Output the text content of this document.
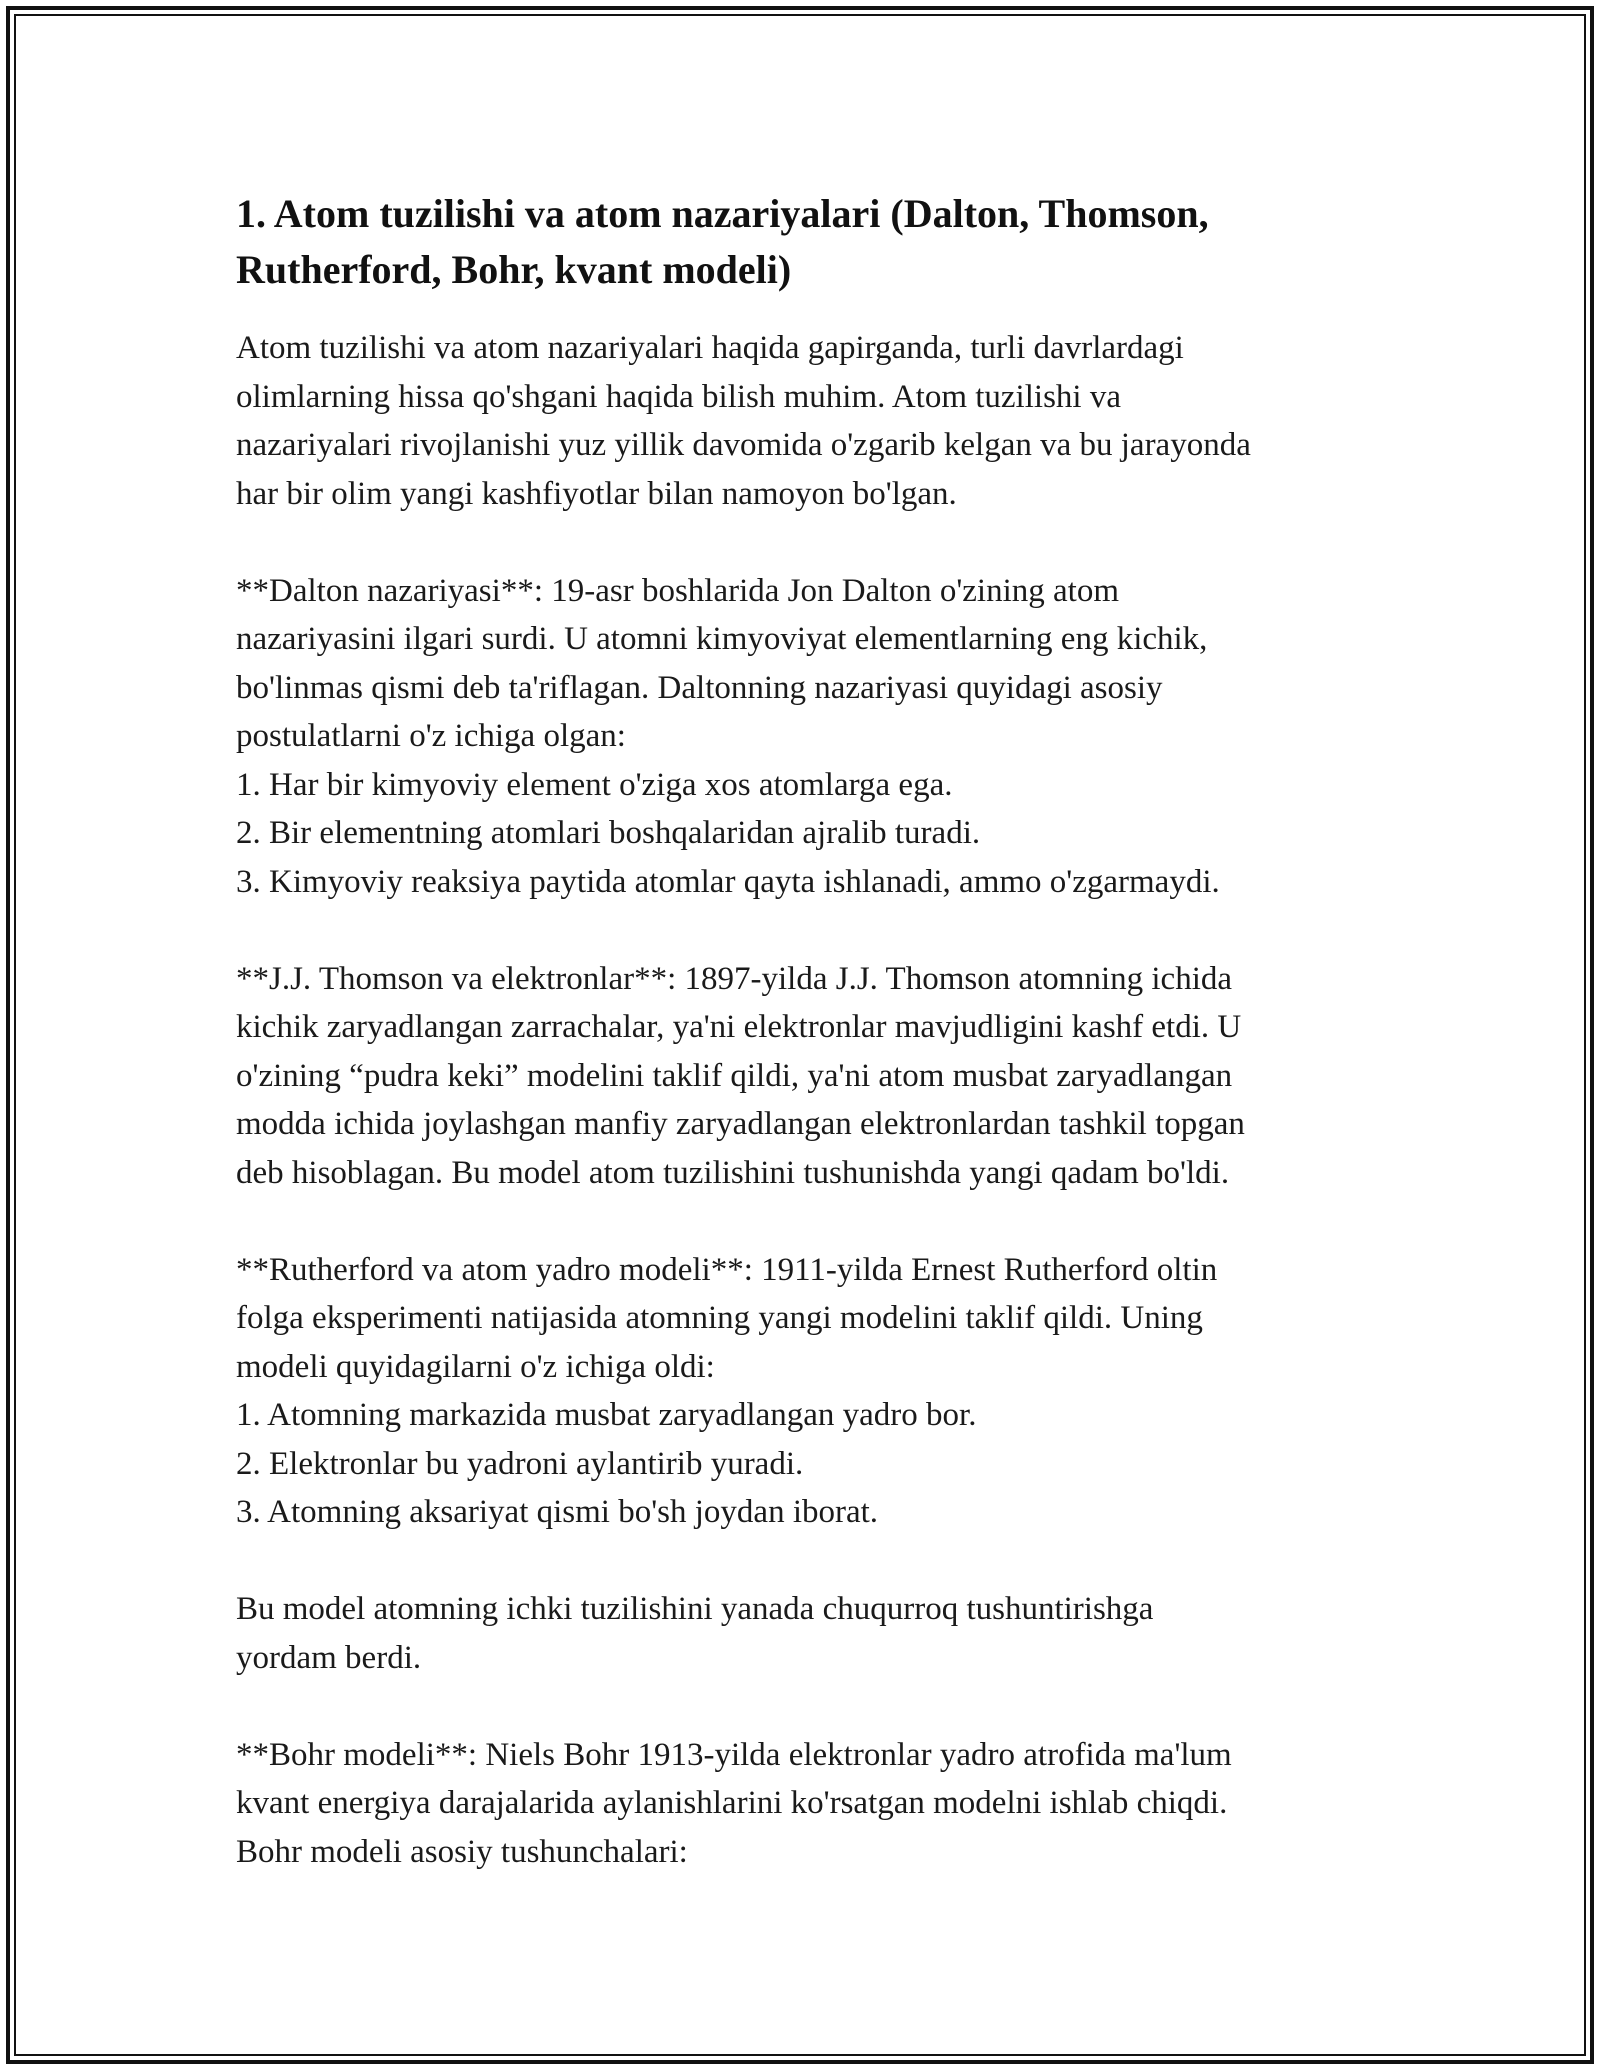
1. Atom tuzilishi va atom nazariyalari (Dalton, Thomson,
Rutherford, Bohr, kvant modeli)

Atom tuzilishi va atom nazariyalari haqida gapirganda, turli davrlardagi
olimlarning hissa qo'shgani haqida bilish muhim. Atom tuzilishi va
nazariyalari rivojlanishi yuz yillik davomida o'zgarib kelgan va bu jarayonda
har bir olim yangi kashfiyotlar bilan namoyon bo'lgan.

**Dalton nazariyasi**: 19-asr boshlarida Jon Dalton o'zining atom
nazariyasini ilgari surdi. U atomni kimyoviyat elementlarning eng kichik,
bo'linmas qismi deb ta'riflagan. Daltonning nazariyasi quyidagi asosiy
postulatlarni o'z ichiga olgan:
1. Har bir kimyoviy element o'ziga xos atomlarga ega.
2. Bir elementning atomlari boshqalaridan ajralib turadi.
3. Kimyoviy reaksiya paytida atomlar qayta ishlanadi, ammo o'zgarmaydi.

**J.J. Thomson va elektronlar**: 1897-yilda J.J. Thomson atomning ichida
kichik zaryadlangan zarrachalar, ya'ni elektronlar mavjudligini kashf etdi. U
o'zining “pudra keki” modelini taklif qildi, ya'ni atom musbat zaryadlangan
modda ichida joylashgan manfiy zaryadlangan elektronlardan tashkil topgan
deb hisoblagan. Bu model atom tuzilishini tushunishda yangi qadam bo'ldi.

**Rutherford va atom yadro modeli**: 1911-yilda Ernest Rutherford oltin
folga eksperimenti natijasida atomning yangi modelini taklif qildi. Uning
modeli quyidagilarni o'z ichiga oldi:
1. Atomning markazida musbat zaryadlangan yadro bor.
2. Elektronlar bu yadroni aylantirib yuradi.
3. Atomning aksariyat qismi bo'sh joydan iborat.

Bu model atomning ichki tuzilishini yanada chuqurroq tushuntirishga
yordam berdi.

**Bohr modeli**: Niels Bohr 1913-yilda elektronlar yadro atrofida ma'lum
kvant energiya darajalarida aylanishlarini ko'rsatgan modelni ishlab chiqdi.
Bohr modeli asosiy tushunchalari:
